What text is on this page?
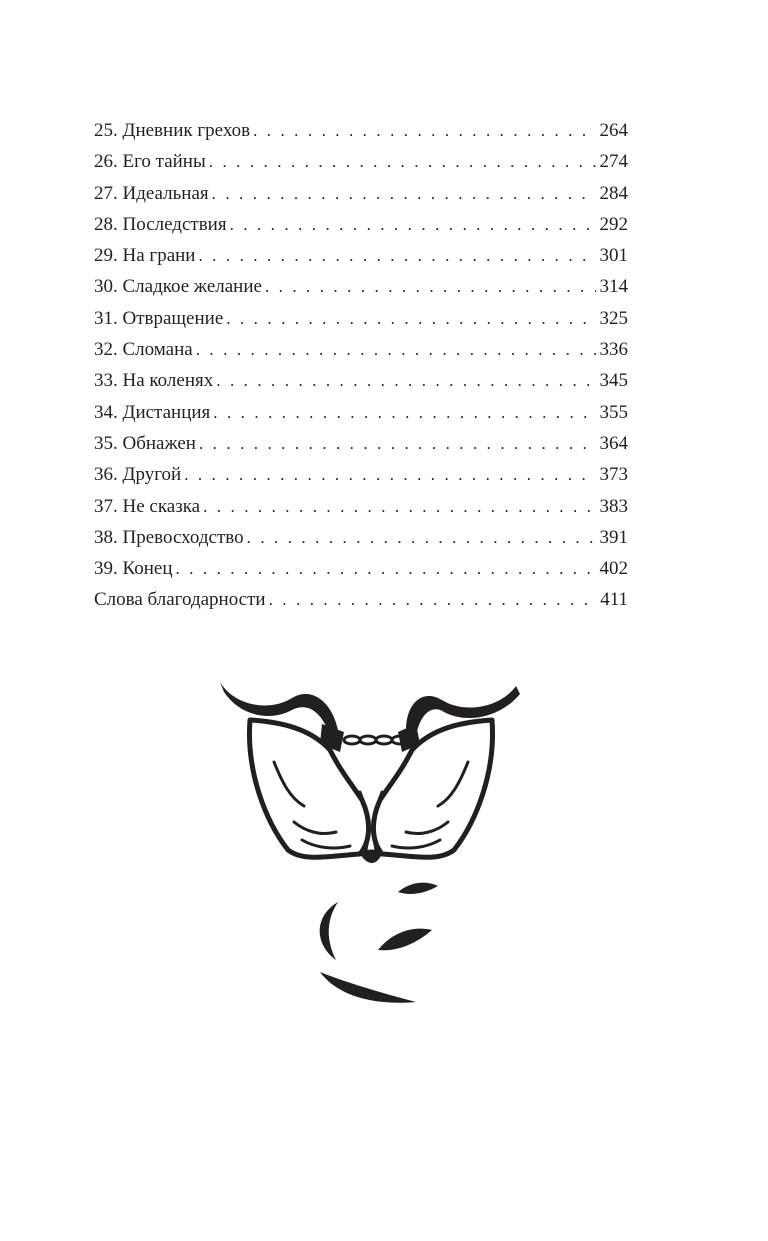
25. Дневник грехов . . .	264
26. Его тайны . . .	274
27. Идеальная . . .	284
28. Последствия . . .	292
29. На грани . . .	301
30. Сладкое желание . . .	314
31. Отвращение . . .	325
32. Сломана . . .	336
33. На коленях . . .	345
34. Дистанция . . .	355
35. Обнажен . . .	364
36. Другой . . .	373
37. Не сказка . . .	383
38. Превосходство . . .	391
39. Конец . . .	402
Слова благодарности . . .	411
